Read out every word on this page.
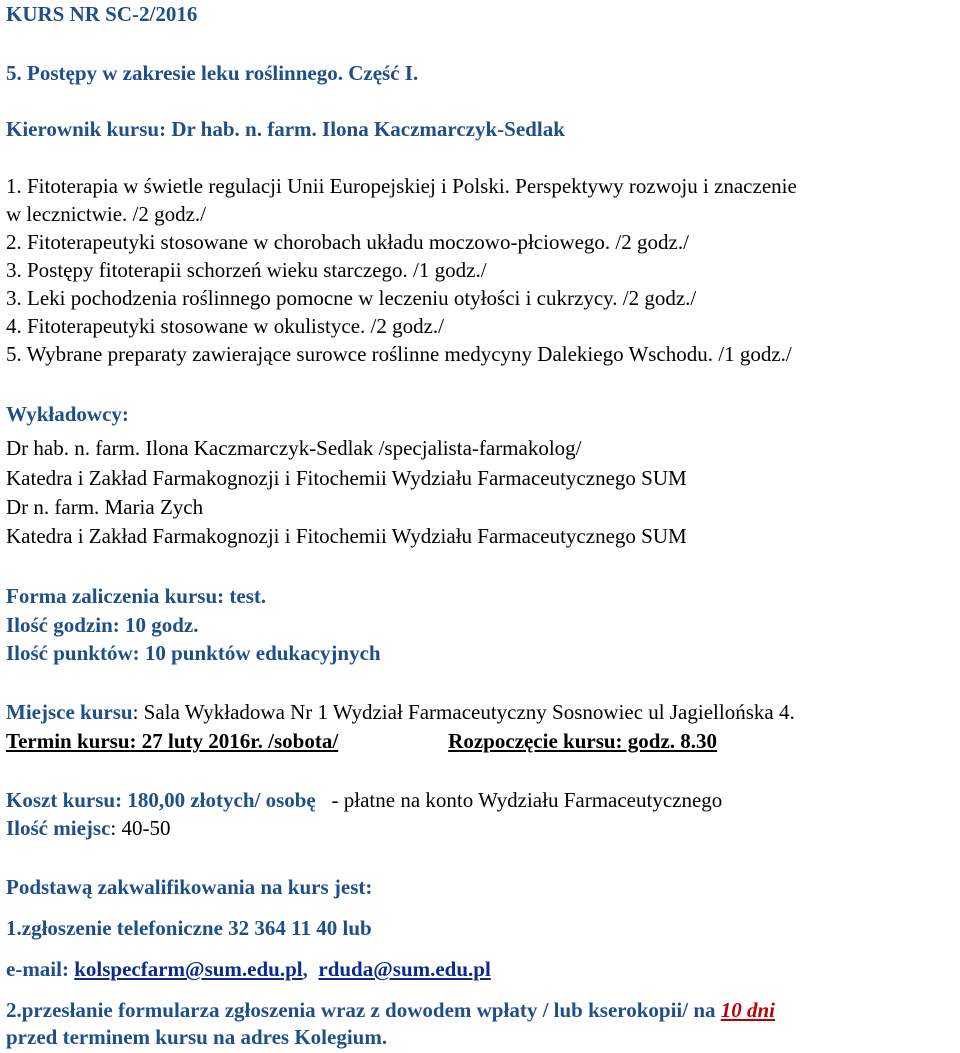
KURS NR SC-2/2016
5. Postępy w zakresie leku roślinnego. Część I.
Kierownik kursu: Dr hab. n. farm. Ilona Kaczmarczyk-Sedlak
1. Fitoterapia w świetle regulacji Unii Europejskiej i Polski. Perspektywy rozwoju i znaczenie
w lecznictwie. /2 godz./
2. Fitoterapeutyki stosowane w chorobach układu moczowo-płciowego. /2 godz./
3. Postępy fitoterapii schorzeń wieku starczego. /1 godz./
3. Leki pochodzenia roślinnego pomocne w leczeniu otyłości i cukrzycy. /2 godz./
4. Fitoterapeutyki stosowane w okulistyce. /2 godz./
5. Wybrane preparaty zawierające surowce roślinne medycyny Dalekiego Wschodu. /1 godz./
Wykładowcy:
Dr hab. n. farm. Ilona Kaczmarczyk-Sedlak /specjalista-farmakolog/
Katedra i Zakład Farmakognozji i Fitochemii Wydziału Farmaceutycznego SUM
Dr n. farm. Maria Zych
Katedra i Zakład Farmakognozji i Fitochemii Wydziału Farmaceutycznego SUM
Forma zaliczenia kursu: test.
Ilość godzin: 10 godz.
Ilość punktów: 10 punktów edukacyjnych
Miejsce kursu: Sala Wykładowa Nr 1 Wydział Farmaceutyczny Sosnowiec ul Jagiellońska 4.
Termin kursu: 27 luty 2016r. /sobota/	Rozpoczęcie kursu: godz. 8.30
Koszt kursu: 180,00 złotych/ osobę   - płatne na konto Wydziału Farmaceutycznego
Ilość miejsc: 40-50
Podstawą zakwalifikowania na kurs jest:
1.zgłoszenie telefoniczne 32 364 11 40 lub
e-mail: kolspecfarm@sum.edu.pl,  rduda@sum.edu.pl
2.przesłanie formularza zgłoszenia wraz z dowodem wpłaty / lub kserokopii/ na 10 dni
przed terminem kursu na adres Kolegium.
